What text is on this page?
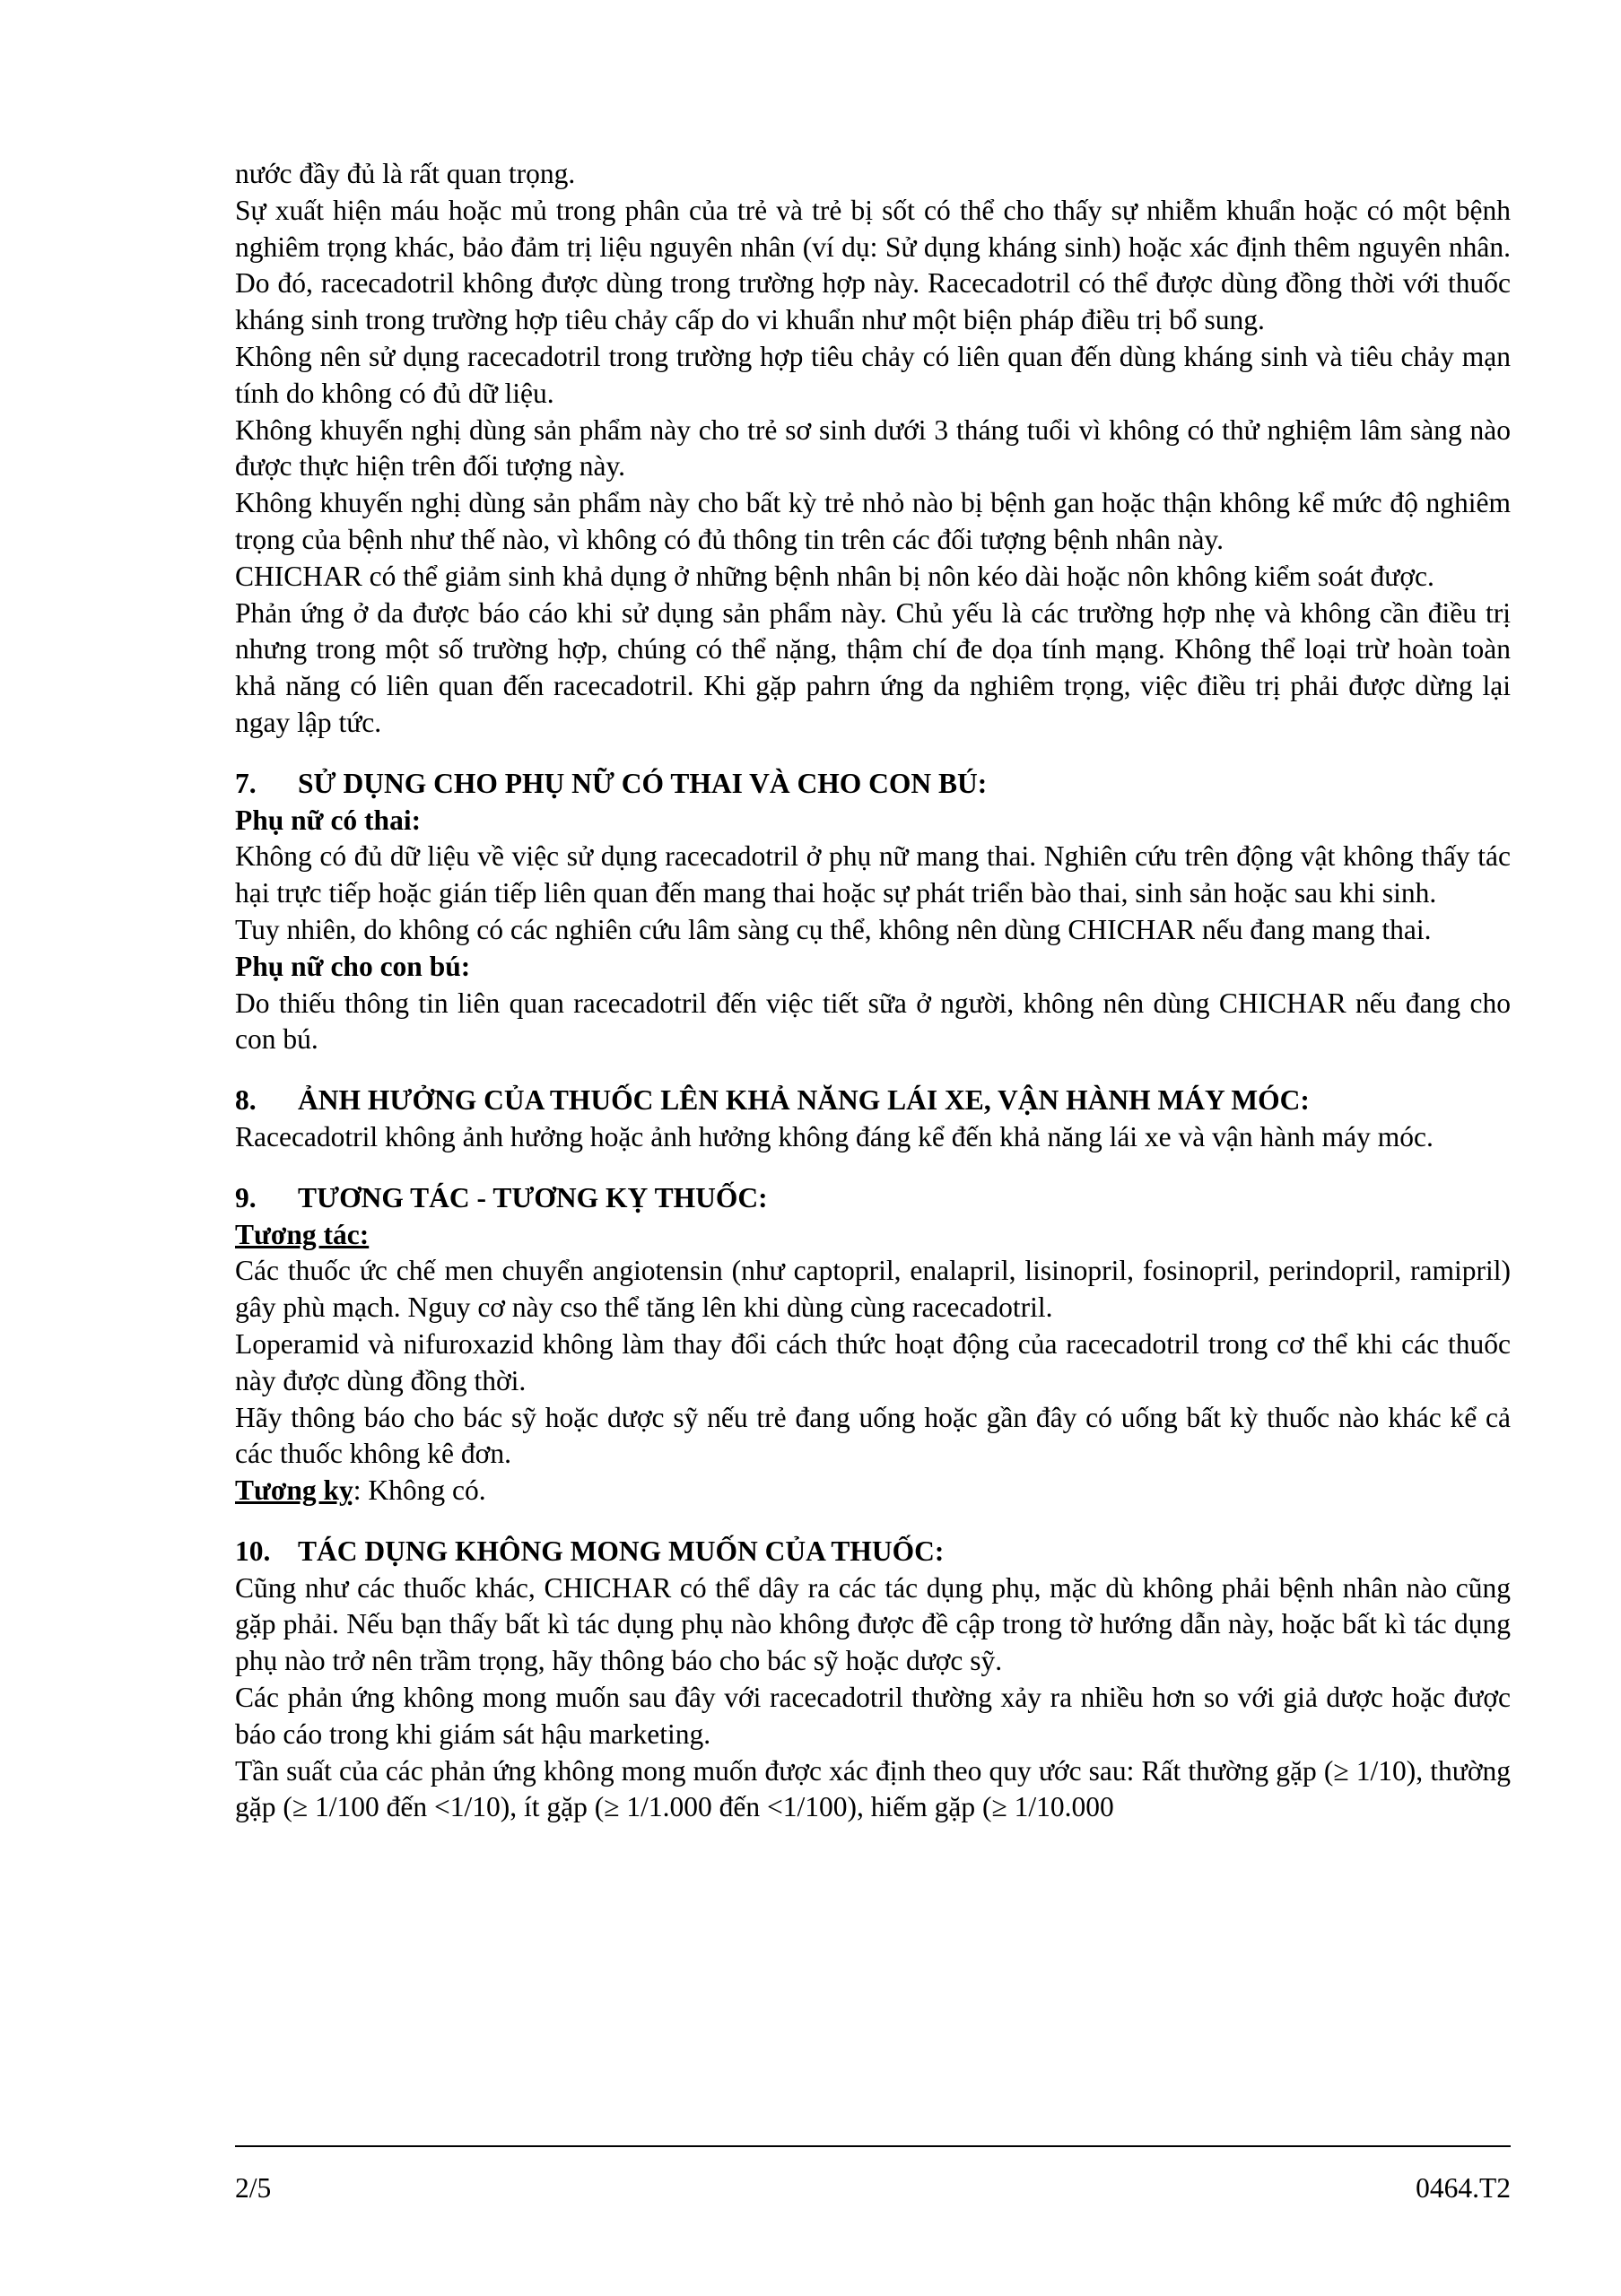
nước đầy đủ là rất quan trọng.

Sự xuất hiện máu hoặc mủ trong phân của trẻ và trẻ bị sốt có thể cho thấy sự nhiễm khuẩn hoặc có một bệnh nghiêm trọng khác, bảo đảm trị liệu nguyên nhân (ví dụ: Sử dụng kháng sinh) hoặc xác định thêm nguyên nhân. Do đó, racecadotril không được dùng trong trường hợp này. Racecadotril có thể được dùng đồng thời với thuốc kháng sinh trong trường hợp tiêu chảy cấp do vi khuẩn như một biện pháp điều trị bổ sung.

Không nên sử dụng racecadotril trong trường hợp tiêu chảy có liên quan đến dùng kháng sinh và tiêu chảy mạn tính do không có đủ dữ liệu.

Không khuyến nghị dùng sản phẩm này cho trẻ sơ sinh dưới 3 tháng tuổi vì không có thử nghiệm lâm sàng nào được thực hiện trên đối tượng này.

Không khuyến nghị dùng sản phẩm này cho bất kỳ trẻ nhỏ nào bị bệnh gan hoặc thận không kể mức độ nghiêm trọng của bệnh như thế nào, vì không có đủ thông tin trên các đối tượng bệnh nhân này.

CHICHAR có thể giảm sinh khả dụng ở những bệnh nhân bị nôn kéo dài hoặc nôn không kiểm soát được.

Phản ứng ở da được báo cáo khi sử dụng sản phẩm này. Chủ yếu là các trường hợp nhẹ và không cần điều trị nhưng trong một số trường hợp, chúng có thể nặng, thậm chí đe dọa tính mạng. Không thể loại trừ hoàn toàn khả năng có liên quan đến racecadotril. Khi gặp pahrn ứng da nghiêm trọng, việc điều trị phải được dừng lại ngay lập tức.

7.	SỬ DỤNG CHO PHỤ NỮ CÓ THAI VÀ CHO CON BÚ:

Phụ nữ có thai:

Không có đủ dữ liệu về việc sử dụng racecadotril ở phụ nữ mang thai. Nghiên cứu trên động vật không thấy tác hại trực tiếp hoặc gián tiếp liên quan đến mang thai hoặc sự phát triển bào thai, sinh sản hoặc sau khi sinh.

Tuy nhiên, do không có các nghiên cứu lâm sàng cụ thể, không nên dùng CHICHAR nếu đang mang thai.

Phụ nữ cho con bú:

Do thiếu thông tin liên quan racecadotril đến việc tiết sữa ở người, không nên dùng CHICHAR nếu đang cho con bú.

8.	ẢNH HƯỞNG CỦA THUỐC LÊN KHẢ NĂNG LÁI XE, VẬN HÀNH MÁY MÓC:

Racecadotril không ảnh hưởng hoặc ảnh hưởng không đáng kể đến khả năng lái xe và vận hành máy móc.

9.	TƯƠNG TÁC - TƯƠNG KỴ THUỐC:

Tương tác:

Các thuốc ức chế men chuyển angiotensin (như captopril, enalapril, lisinopril, fosinopril, perindopril, ramipril) gây phù mạch. Nguy cơ này cso thể tăng lên khi dùng cùng racecadotril.

Loperamid và nifuroxazid không làm thay đổi cách thức hoạt động của racecadotril trong cơ thể khi các thuốc này được dùng đồng thời.

Hãy thông báo cho bác sỹ hoặc dược sỹ nếu trẻ đang uống hoặc gần đây có uống bất kỳ thuốc nào khác kể cả các thuốc không kê đơn.

Tương kỵ: Không có.

10. TÁC DỤNG KHÔNG MONG MUỐN CỦA THUỐC:

Cũng như các thuốc khác, CHICHAR có thể dây ra các tác dụng phụ, mặc dù không phải bệnh nhân nào cũng gặp phải. Nếu bạn thấy bất kì tác dụng phụ nào không được đề cập trong tờ hướng dẫn này, hoặc bất kì tác dụng phụ nào trở nên trầm trọng, hãy thông báo cho bác sỹ hoặc dược sỹ.

Các phản ứng không mong muốn sau đây với racecadotril thường xảy ra nhiều hơn so với giả dược hoặc được báo cáo trong khi giám sát hậu marketing.

Tần suất của các phản ứng không mong muốn được xác định theo quy ước sau: Rất thường gặp (≥ 1/10), thường gặp (≥ 1/100 đến <1/10), ít gặp (≥ 1/1.000 đến <1/100), hiếm gặp (≥ 1/10.000

2/5	0464.T2
